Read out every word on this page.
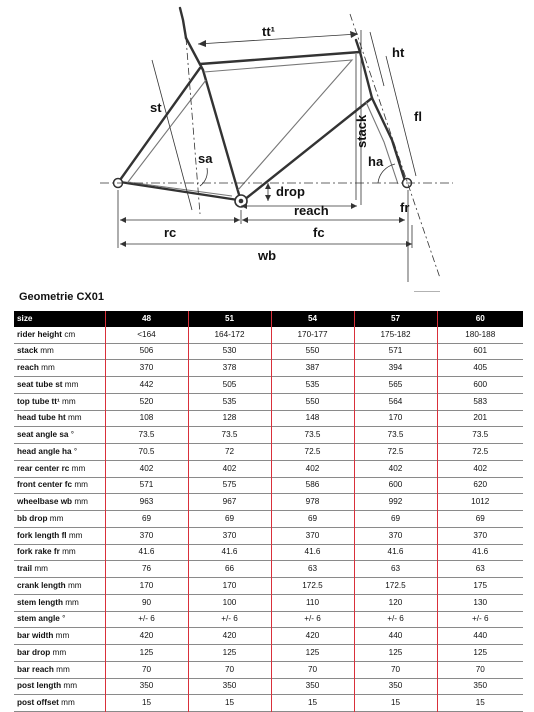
tt¹
ht
st
stack	fl
sa	ha
drop
reach	fr
rc	fc
wb
Geometrie CX01
size	48	51	54	57	60
rider height cm	<164	164-172	170-177	175-182	180-188
stack mm	506	530	550	571	601
reach mm	370	378	387	394	405
seat tube st mm	442	505	535	565	600
top tube tt¹ mm	520	535	550	564	583
head tube ht mm	108	128	148	170	201
seat angle sa °	73.5	73.5	73.5	73.5	73.5
head angle ha °	70.5	72	72.5	72.5	72.5
rear center rc mm	402	402	402	402	402
front center fc mm	571	575	586	600	620
wheelbase wb mm	963	967	978	992	1012
bb drop mm	69	69	69	69	69
fork length fl mm	370	370	370	370	370
fork rake fr mm	41.6	41.6	41.6	41.6	41.6
trail mm	76	66	63	63	63
crank length mm	170	170	172.5	172.5	175
stem length mm	90	100	110	120	130
stem angle °	+/- 6	+/- 6	+/- 6	+/- 6	+/- 6
bar width mm	420	420	420	440	440
bar drop mm	125	125	125	125	125
bar reach mm	70	70	70	70	70
post length mm	350	350	350	350	350
post offset mm	15	15	15	15	15
